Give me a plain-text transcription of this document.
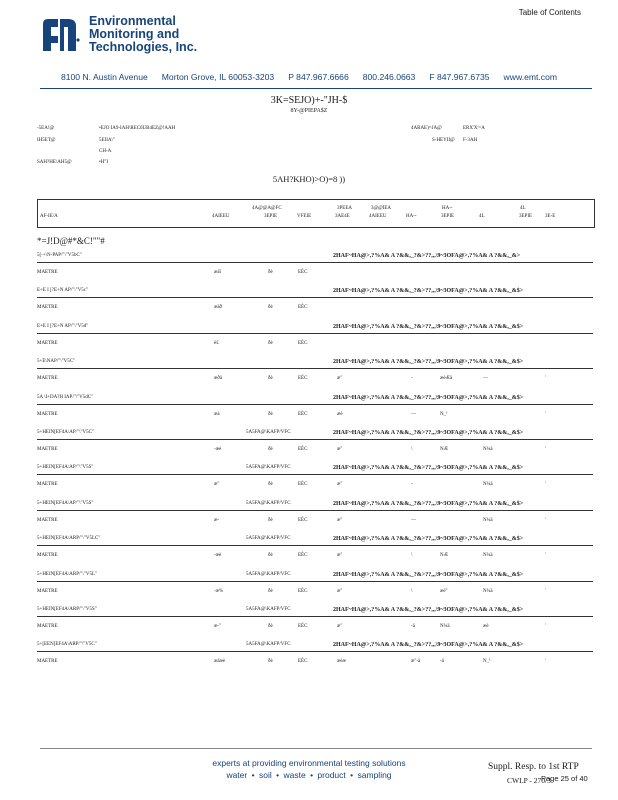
Table of Contents
Environmental
Monitoring and
Technologies, Inc.
8100 N. Austin Avenue Morton Grove, IL 60053-3203 P 847.967.6666 800.246.0663 F 847.967.6735 www.emt.com
3K=SEJO)+-"JH-$
8Y-@PIEPA$Z
-5EA!@	•EJO IA9-IAH\REC0UB4EZ@!AAH
IH5ET@	5EIIA\"
CH-A
SAH?HE\AH5@	•H"I
4ARAE)=JA@	ERX'X'=A
S-HEYII@ F-3AH
5AH?KHO)>O)=8 ))
4A@@A@FC	3PEEA	3@@IEA	HA--	4L
AF-IE/A	4AIEEU	3EPIE	VFEIE	3AE4E	4AIEEU	HA--	3EPIE	4L	3EPIE	3E-E
*=J!D@#*&C!""#
5[-+\N-PAP/"\"V5bC"	2HAF~HA@>,?%A& A ?&&,_?&>??,,,\9~3OFA@>,?%A& A ?&&,_&>
MAETRE	æäî	ðè	EÉC
E+E I [?E+N AP/"\"V5c"	2HAF~HA@>,?%A& A ?&&,_?&>??,,,\9~3OFA@>,?%A& A ?&&,_&$>
MAETRE	æäð	ðè	EÉC
E+E I [?E+N AP/"\"V5d"	2HAF~HA@>,?%A& A ?&&,_?&>??,,,\9~3OFA@>,?%A& A ?&&,_&$>
MAETRE	è£	ðè	EÉC
5+E\NAP/"\"V5C"	2HAF~HA@>,?%A& A ?&&,_?&>??,,,\9~3OFA@>,?%A& A ?&&,_&$>
MAETRE	æðä	ðè	EÉC	æ"	-	æèÆä	—	'
5A \I+DA?H IAP/"\"V5dC"	2HAF~HA@>,?%A& A ?&&,_?&>??,,,\9~3OFA@>,?%A& A ?&&,_&$>
MAETRE	æä	ðè	EÉC	æè	—	N_¹	'
5+HEIN[EF4A\AP/"\"V5C"	5A5FA@\KAFP/VFC	2HAF~HA@>,?%A& A ?&&,_?&>??,,,\9~3OFA@>,?%A& A ?&&,_&$>
MAETRE	-æè	ðè	EÉC	æ"	\	NÆ	N¼ä	'
5+HEIN[EF4A\AP/"\"V5S"	5A5FA@\KAFP/VFC	2HAF~HA@>,?%A& A ?&&,_?&>??,,,\9~3OFA@>,?%A& A ?&&,_&$>
MAETRE	æ"	ðè	EÉC	æ"	-	N¼ä	'
5+HEIN[EF4A\AP/"\"V5S"	5A5FA@\KAFP/VFC	2HAF~HA@>,?%A& A ?&&,_?&>??,,,\9~3OFA@>,?%A& A ?&&,_&$>
MAETRE	æ-	ðè	EÉC	æ"	—	N¼ä	'
5+HEIN[EF4A\ARP/"\"V5LC"	5A5FA@\KAFP/VFC	2HAF~HA@>,?%A& A ?&&,_?&>??,,,\9~3OFA@>,?%A& A ?&&,_&$>
MAETRE	-æè	ðè	EÉC	æ"	\	NÆ	N¼ä	'
5+HEIN[EF4A\ARP/"\"V5L"	5A5FA@\KAFP/VFC	2HAF~HA@>,?%A& A ?&&,_?&>??,,,\9~3OFA@>,?%A& A ?&&,_&$>
MAETRE	-æ%	ðè	EÉC	æ"	\	æè"	N¼ä	'
5+HEIN[EF4A\ARP/"\"V5S"	5A5FA@\KAFP/VFC	2HAF~HA@>,?%A& A ?&&,_?&>??,,,\9~3OFA@>,?%A& A ?&&,_&$>
MAETRE	æ-"	ðè	EÉC	æ"	-ä	N¼ä	æè	'
5+[EEN[EF4A\ARP/"\"V5C"	5A5FA@\KAFP/VFC	2HAF~HA@>,?%A& A ?&&,_?&>??,,,\9~3OFA@>,?%A& A ?&&,_&$>
MAETRE	æäæè	ðè	EÉC	æèæ	æ"-ä	-ä	N_¹	'
experts at providing environmental testing solutions
water • soil • waste • product • sampling
Suppl. Resp. to 1st RTP
CWLP - 270/3
Page 25 of 40
